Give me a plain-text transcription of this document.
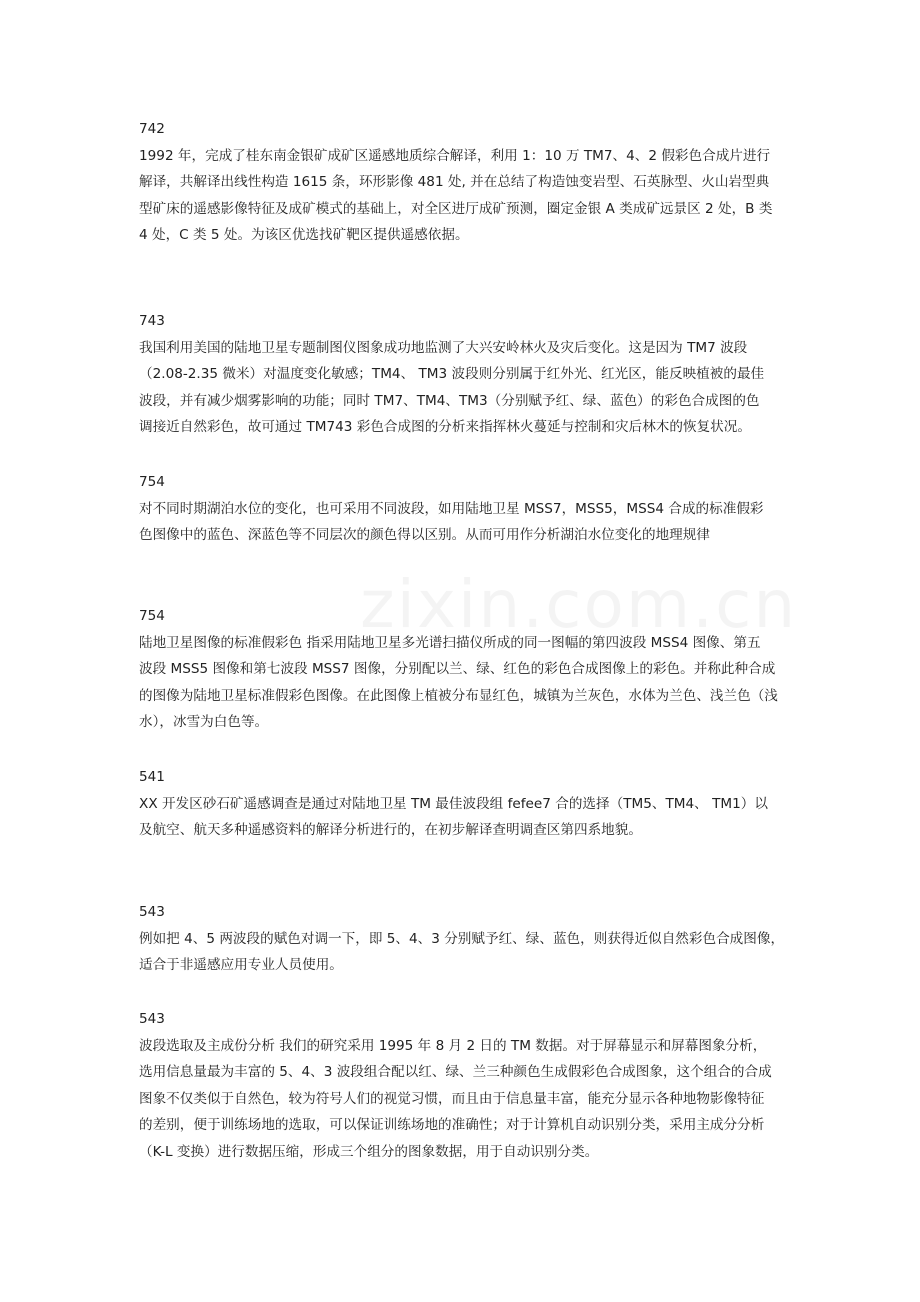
742
1992 年，完成了桂东南金银矿成矿区遥感地质综合解译，利用 1：10 万 TM7、4、2 假彩色合成片进行
解译，共解译出线性构造 1615 条，环形影像 481 处, 并在总结了构造蚀变岩型、石英脉型、火山岩型典
型矿床的遥感影像特征及成矿模式的基础上，对全区进厅成矿预测，圈定金银 A 类成矿远景区 2 处，B 类
4 处，C 类 5 处。为该区优选找矿靶区提供遥感依据。
743
我国利用美国的陆地卫星专题制图仪图象成功地监测了大兴安岭林火及灾后变化。这是因为 TM7 波段
（2.08-2.35 微米）对温度变化敏感；TM4、 TM3 波段则分别属于红外光、红光区，能反映植被的最佳
波段，并有减少烟雾影响的功能；同时 TM7、TM4、TM3（分别赋予红、绿、蓝色）的彩色合成图的色
调接近自然彩色，故可通过 TM743 彩色合成图的分析来指挥林火蔓延与控制和灾后林木的恢复状况。
754
对不同时期湖泊水位的变化，也可采用不同波段，如用陆地卫星 MSS7，MSS5，MSS4 合成的标准假彩
色图像中的蓝色、深蓝色等不同层次的颜色得以区别。从而可用作分析湖泊水位变化的地理规律
754
陆地卫星图像的标准假彩色 指采用陆地卫星多光谱扫描仪所成的同一图幅的第四波段 MSS4 图像、第五
波段 MSS5 图像和第七波段 MSS7 图像，分别配以兰、绿、红色的彩色合成图像上的彩色。并称此种合成
的图像为陆地卫星标准假彩色图像。在此图像上植被分布显红色，城镇为兰灰色，水体为兰色、浅兰色（浅
水），冰雪为白色等。
541
XX 开发区砂石矿遥感调查是通过对陆地卫星 TM 最佳波段组 fefee7 合的选择（TM5、TM4、 TM1）以
及航空、航天多种遥感资料的解译分析进行的，在初步解译查明调查区第四系地貌。
543
例如把 4、5 两波段的赋色对调一下，即 5、4、3 分别赋予红、绿、蓝色，则获得近似自然彩色合成图像，
适合于非遥感应用专业人员使用。
543
波段选取及主成份分析 我们的研究采用 1995 年 8 月 2 日的 TM 数据。对于屏幕显示和屏幕图象分析，
选用信息量最为丰富的 5、4、3 波段组合配以红、绿、兰三种颜色生成假彩色合成图象，这个组合的合成
图象不仅类似于自然色，较为符号人们的视觉习惯，而且由于信息量丰富，能充分显示各种地物影像特征
的差别，便于训练场地的选取，可以保证训练场地的准确性；对于计算机自动识别分类，采用主成分分析
（K-L 变换）进行数据压缩，形成三个组分的图象数据，用于自动识别分类。
